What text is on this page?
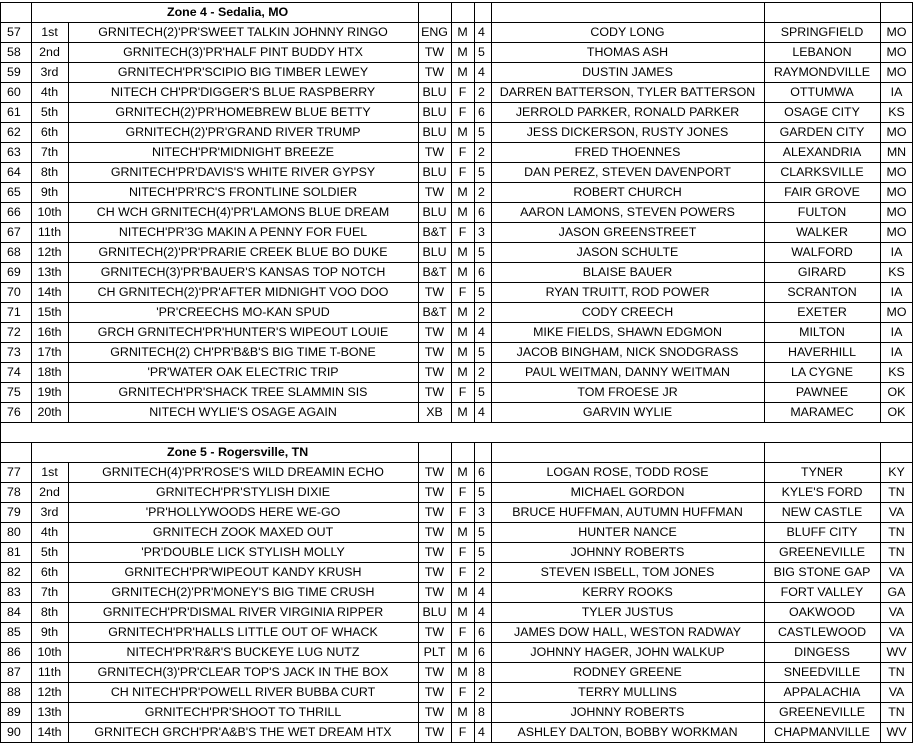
Zone 4 - Sedalia, MO
57	1st	GRNITECH(2)'PR'SWEET TALKIN JOHNNY RINGO	ENG M 4	CODY LONG	SPRINGFIELD	MO
58	2nd	GRNITECH(3)'PR'HALF PINT BUDDY HTX	TW	M 5	THOMAS ASH	LEBANON	MO
59	3rd	GRNITECH'PR'SCIPIO BIG TIMBER LEWEY	TW	M 4	DUSTIN JAMES	RAYMONDVILLE	MO
60	4th	NITECH CH'PR'DIGGER'S BLUE RASPBERRY	BLU F 2	DARREN BATTERSON, TYLER BATTERSON	OTTUMWA	IA
61	5th	GRNITECH(2)'PR'HOMEBREW BLUE BETTY	BLU F 6	JERROLD PARKER, RONALD PARKER	OSAGE CITY	KS
62	6th	GRNITECH(2)'PR'GRAND RIVER TRUMP	BLU M 5	JESS DICKERSON, RUSTY JONES	GARDEN CITY	MO
63	7th	NITECH'PR'MIDNIGHT BREEZE	TW	F 2	FRED THOENNES	ALEXANDRIA	MN
64	8th	GRNITECH'PR'DAVIS'S WHITE RIVER GYPSY	BLU F 5	DAN PEREZ, STEVEN DAVENPORT	CLARKSVILLE	MO
65	9th	NITECH'PR'RC'S FRONTLINE SOLDIER	TW	M 2	ROBERT CHURCH	FAIR GROVE	MO
66	10th	CH WCH GRNITECH(4)'PR'LAMONS BLUE DREAM	BLU M 6	AARON LAMONS, STEVEN POWERS	FULTON	MO
67	11th	NITECH'PR'3G MAKIN A PENNY FOR FUEL	B&T F 3	JASON GREENSTREET	WALKER	MO
68	12th	GRNITECH(2)'PR'PRARIE CREEK BLUE BO DUKE	BLU M 5	JASON SCHULTE	WALFORD	IA
69	13th	GRNITECH(3)'PR'BAUER'S KANSAS TOP NOTCH	B&T M 6	BLAISE BAUER	GIRARD	KS
70	14th	CH GRNITECH(2)'PR'AFTER MIDNIGHT VOO DOO	TW	F 5	RYAN TRUITT, ROD POWER	SCRANTON	IA
71	15th	'PR'CREECHS MO-KAN SPUD	B&T M 2	CODY CREECH	EXETER	MO
72	16th	GRCH GRNITECH'PR'HUNTER'S WIPEOUT LOUIE	TW	M 4	MIKE FIELDS, SHAWN EDGMON	MILTON	IA
73	17th	GRNITECH(2) CH'PR'B&B'S BIG TIME T-BONE	TW	M 5	JACOB BINGHAM, NICK SNODGRASS	HAVERHILL	IA
74	18th	'PR'WATER OAK ELECTRIC TRIP	TW	M 2	PAUL WEITMAN, DANNY WEITMAN	LA CYGNE	KS
75	19th	GRNITECH'PR'SHACK TREE SLAMMIN SIS	TW	F 5	TOM FROESE JR	PAWNEE	OK
76	20th	NITECH WYLIE'S OSAGE AGAIN	XB	M 4	GARVIN WYLIE	MARAMEC	OK
Zone 5 - Rogersville, TN
77	1st	GRNITECH(4)'PR'ROSE'S WILD DREAMIN ECHO	TW	M 6	LOGAN ROSE, TODD ROSE	TYNER	KY
78	2nd	GRNITECH'PR'STYLISH DIXIE	TW	F 5	MICHAEL GORDON	KYLE'S FORD	TN
79	3rd	'PR'HOLLYWOODS HERE WE-GO	TW	F 3	BRUCE HUFFMAN, AUTUMN HUFFMAN	NEW CASTLE	VA
80	4th	GRNITECH ZOOK MAXED OUT	TW	M 5	HUNTER NANCE	BLUFF CITY	TN
81	5th	'PR'DOUBLE LICK STYLISH MOLLY	TW	F 5	JOHNNY ROBERTS	GREENEVILLE	TN
82	6th	GRNITECH'PR'WIPEOUT KANDY KRUSH	TW	F 2	STEVEN ISBELL, TOM JONES	BIG STONE GAP	VA
83	7th	GRNITECH(2)'PR'MONEY'S BIG TIME CRUSH	TW	M 4	KERRY ROOKS	FORT VALLEY	GA
84	8th	GRNITECH'PR'DISMAL RIVER VIRGINIA RIPPER	BLU M 4	TYLER JUSTUS	OAKWOOD	VA
85	9th	GRNITECH'PR'HALLS LITTLE OUT OF WHACK	TW	F 6	JAMES DOW HALL, WESTON RADWAY	CASTLEWOOD	VA
86	10th	NITECH'PR'R&R'S BUCKEYE LUG NUTZ	PLT M 6	JOHNNY HAGER, JOHN WALKUP	DINGESS	WV
87	11th	GRNITECH(3)'PR'CLEAR TOP'S JACK IN THE BOX	TW	M 8	RODNEY GREENE	SNEEDVILLE	TN
88	12th	CH NITECH'PR'POWELL RIVER BUBBA CURT	TW	F 2	TERRY MULLINS	APPALACHIA	VA
89	13th	GRNITECH'PR'SHOOT TO THRILL	TW	M 8	JOHNNY ROBERTS	GREENEVILLE	TN
90	14th	GRNITECH GRCH'PR'A&B'S THE WET DREAM HTX	TW	F 4	ASHLEY DALTON, BOBBY WORKMAN	CHAPMANVILLE	WV
